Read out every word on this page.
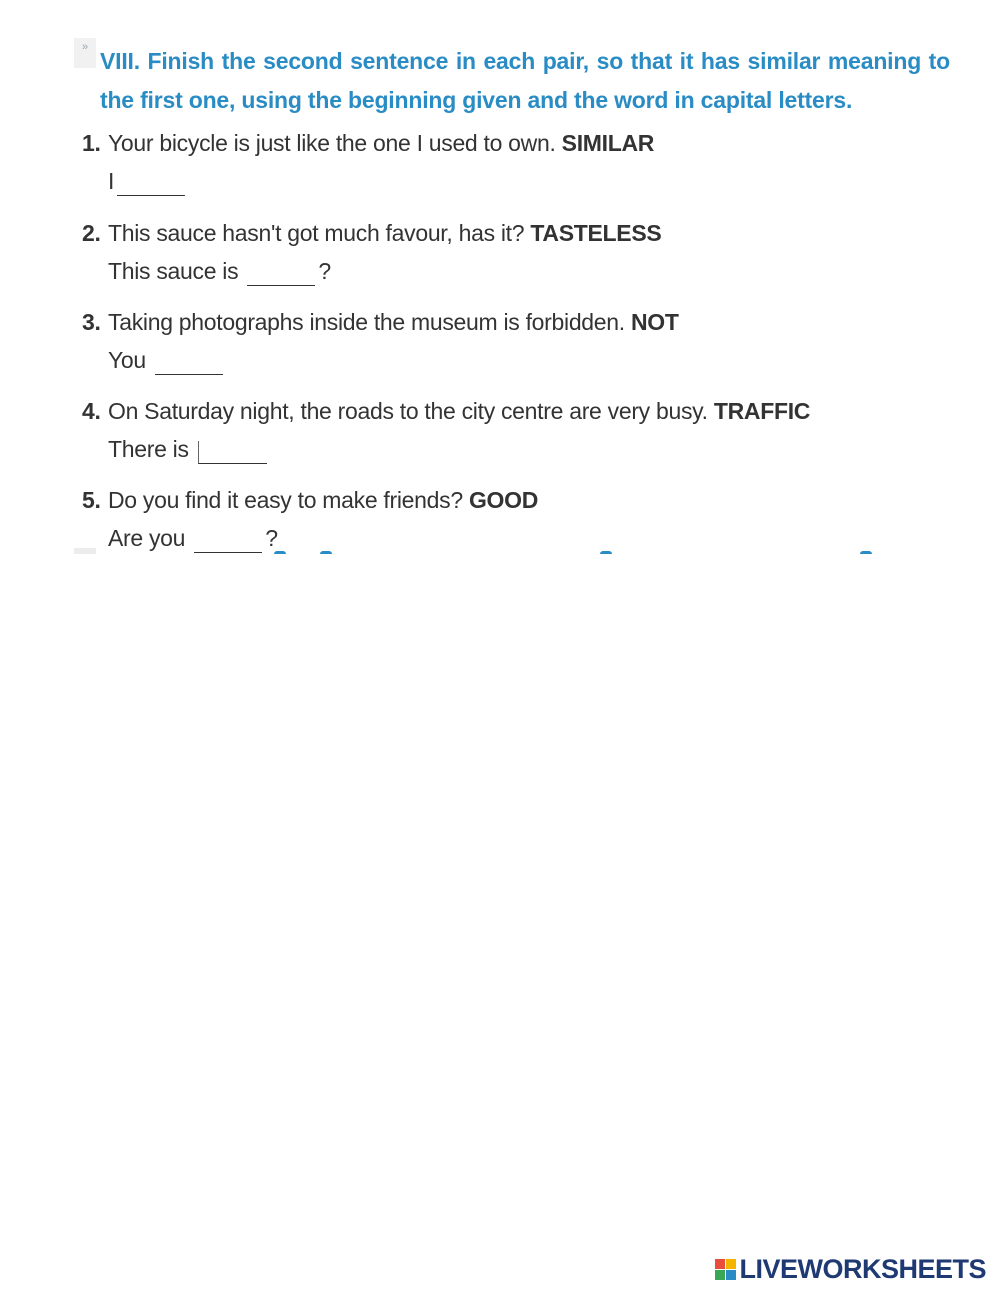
»

VIII. Finish the second sentence in each pair, so that it has similar meaning to the first one, using the beginning given and the word in capital letters.

1. Your bicycle is just like the one I used to own. SIMILAR
I
2. This sauce hasn't got much favour, has it? TASTELESS
This sauce is	?
3. Taking photographs inside the museum is forbidden. NOT
You
4. On Saturday night, the roads to the city centre are very busy. TRAFFIC
There is
5. Do you find it easy to make friends? GOOD
Are you	?
LIVEWORKSHEETS
